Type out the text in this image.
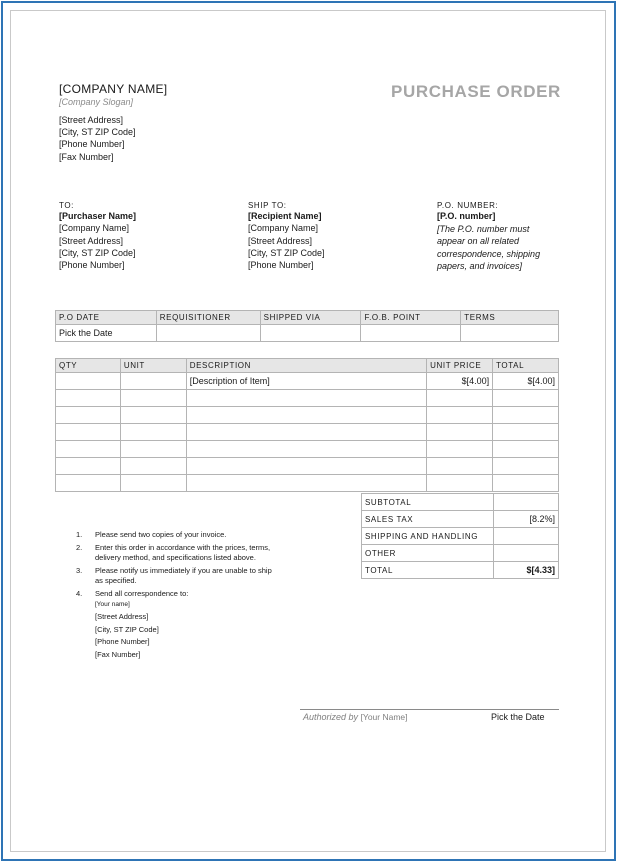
[COMPANY NAME]
[Company Slogan]
[Street Address]
[City, ST ZIP Code]
[Phone Number]
[Fax Number]
PURCHASE ORDER
TO:
[Purchaser Name]
[Company Name]
[Street Address]
[City, ST ZIP Code]
[Phone Number]
SHIP TO:
[Recipient Name]
[Company Name]
[Street Address]
[City, ST ZIP Code]
[Phone Number]
P.O. NUMBER:
[P.O. number]
[The P.O. number must
appear on all related
correspondence, shipping
papers, and invoices]
P.O DATE	REQUISITIONER	SHIPPED VIA	F.O.B. POINT	TERMS
Pick the Date				
QTY	UNIT	DESCRIPTION	UNIT PRICE	TOTAL
		[Description of Item]	$[4.00]	$[4.00]

SUBTOTAL	
SALES TAX	[8.2%]
SHIPPING AND HANDLING	
OTHER	
TOTAL	$[4.33]
1. Please send two copies of your invoice.
2. Enter this order in accordance with the prices, terms,
delivery method, and specifications listed above.
3. Please notify us immediately if you are unable to ship
as specified.
4. Send all correspondence to:
[Your name]
[Street Address]
[City, ST ZIP Code]
[Phone Number]
[Fax Number]
Authorized by [Your Name]	Pick the Date
